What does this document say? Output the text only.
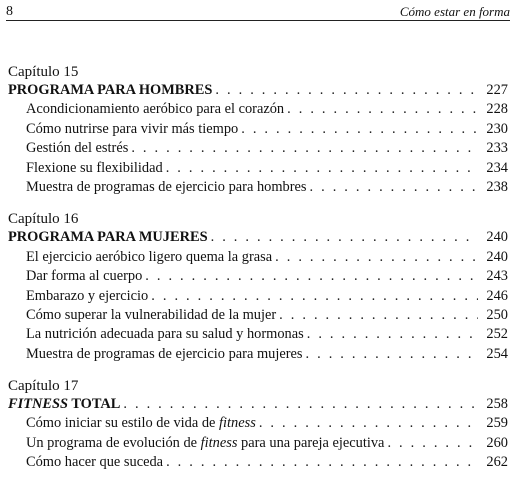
8	Cómo estar en forma
Capítulo 15
PROGRAMA PARA HOMBRES . . .	227
Acondicionamiento aeróbico para el corazón . . .	228
Cómo nutrirse para vivir más tiempo . . .	230
Gestión del estrés . . .	233
Flexione su flexibilidad . . .	234
Muestra de programas de ejercicio para hombres . . .	238
Capítulo 16
PROGRAMA PARA MUJERES . . .	240
El ejercicio aeróbico ligero quema la grasa . . .	240
Dar forma al cuerpo . . .	243
Embarazo y ejercicio . . .	246
Cómo superar la vulnerabilidad de la mujer . . .	250
La nutrición adecuada para su salud y hormonas . . .	252
Muestra de programas de ejercicio para mujeres . . .	254
Capítulo 17
FITNESS TOTAL . . .	258
Cómo iniciar su estilo de vida de fitness . . .	259
Un programa de evolución de fitness para una pareja ejecutiva . . .	260
Cómo hacer que suceda . . .	262
